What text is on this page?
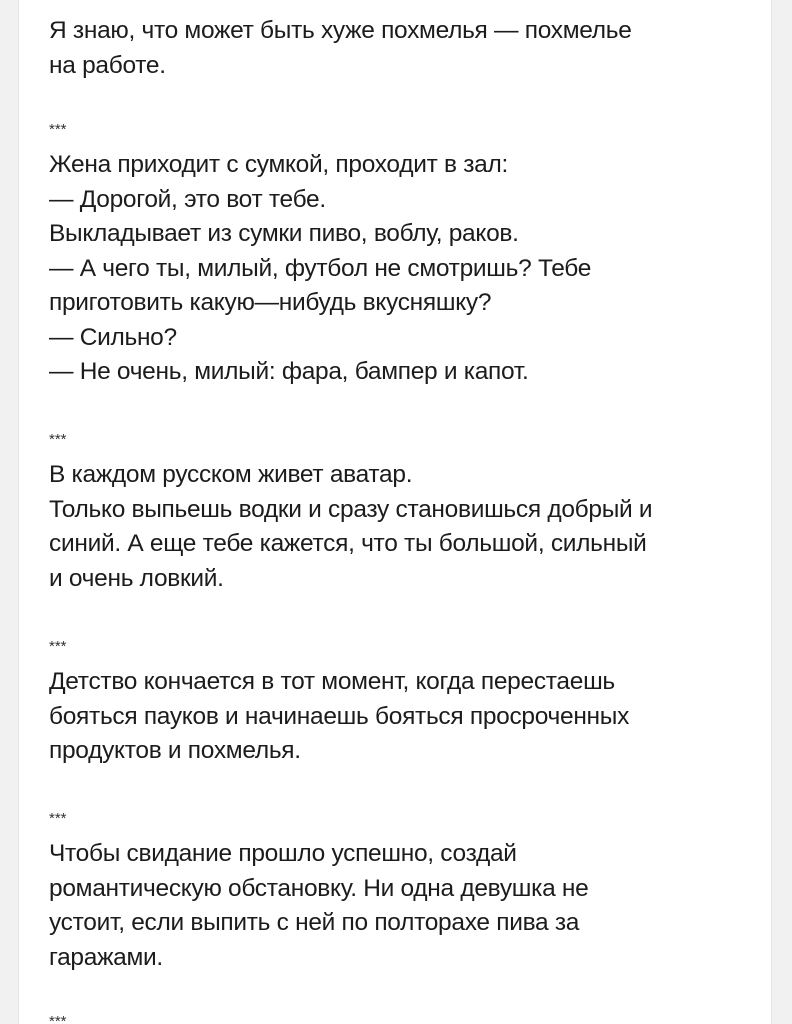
Я знаю, что может быть хуже похмелья — похмелье
на работе.

***

Жена приходит с сумкой, проходит в зал:
— Дорогой, это вот тебе.
Выкладывает из сумки пиво, воблу, раков.
— А чего ты, милый, футбол не смотришь? Тебе
приготовить какую—нибудь вкусняшку?
— Сильно?
— Не очень, милый: фара, бампер и капот.

***

В каждом русском живет аватар.
Только выпьешь водки и сразу становишься добрый и
синий. А еще тебе кажется, что ты большой, сильный
и очень ловкий.

***

Детство кончается в тот момент, когда перестаешь
бояться пауков и начинаешь бояться просроченных
продуктов и похмелья.

***

Чтобы свидание прошло успешно, создай
романтическую обстановку. Ни одна девушка не
устоит, если выпить с ней по полторахе пива за
гаражами.

***
